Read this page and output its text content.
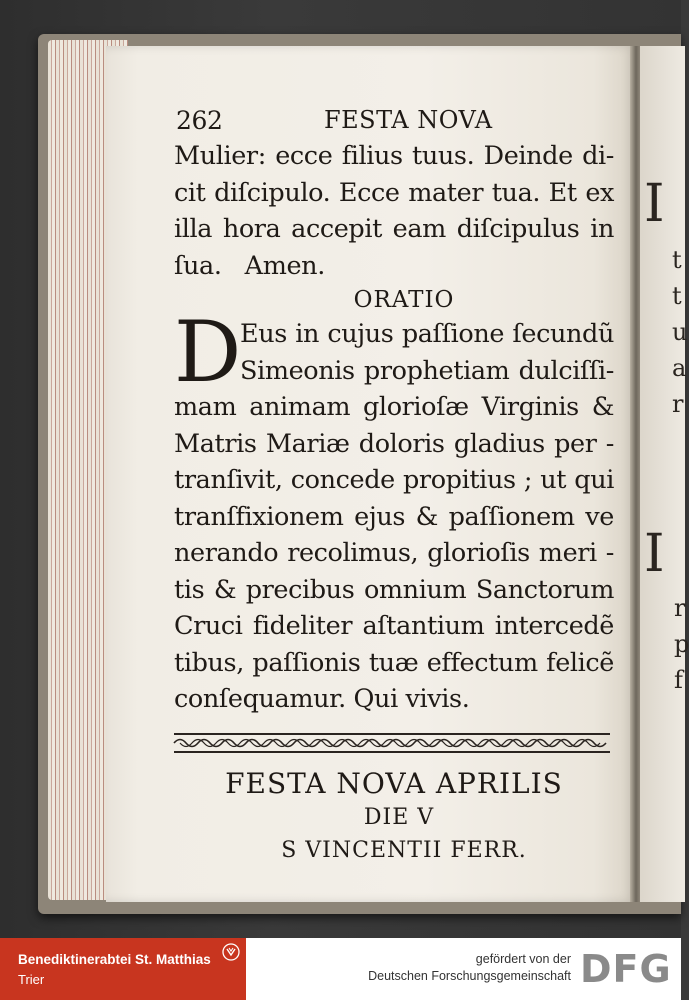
I
t
t
u
a
r
I
r
p
f
262	FESTA NOVA
Mulier: ecce filius tuus. Deinde di-
cit diſcipulo. Ecce mater tua. Et ex
illa hora accepit eam diſcipulus in
ſua.   Amen.
ORATIO
D Eus in cujus paſſione ſecundũ
Simeonis prophetiam dulciſſi-
mam animam glorioſæ Virginis &
Matris Mariæ doloris gladius per -
tranſivit, concede propitius ; ut qui
tranſfixionem ejus & paſſionem ve
nerando recolimus, glorioſis meri -
tis & precibus omnium Sanctorum
Cruci fideliter aſtantium intercedẽ
tibus, paſſionis tuæ effectum felicẽ
conſequamur. Qui vivis.
FESTA NOVA APRILIS
DIE V
S VINCENTII FERR.
Benediktinerabtei St. Matthias
Trier
gefördert von der
Deutschen Forschungsgemeinschaft DFG
